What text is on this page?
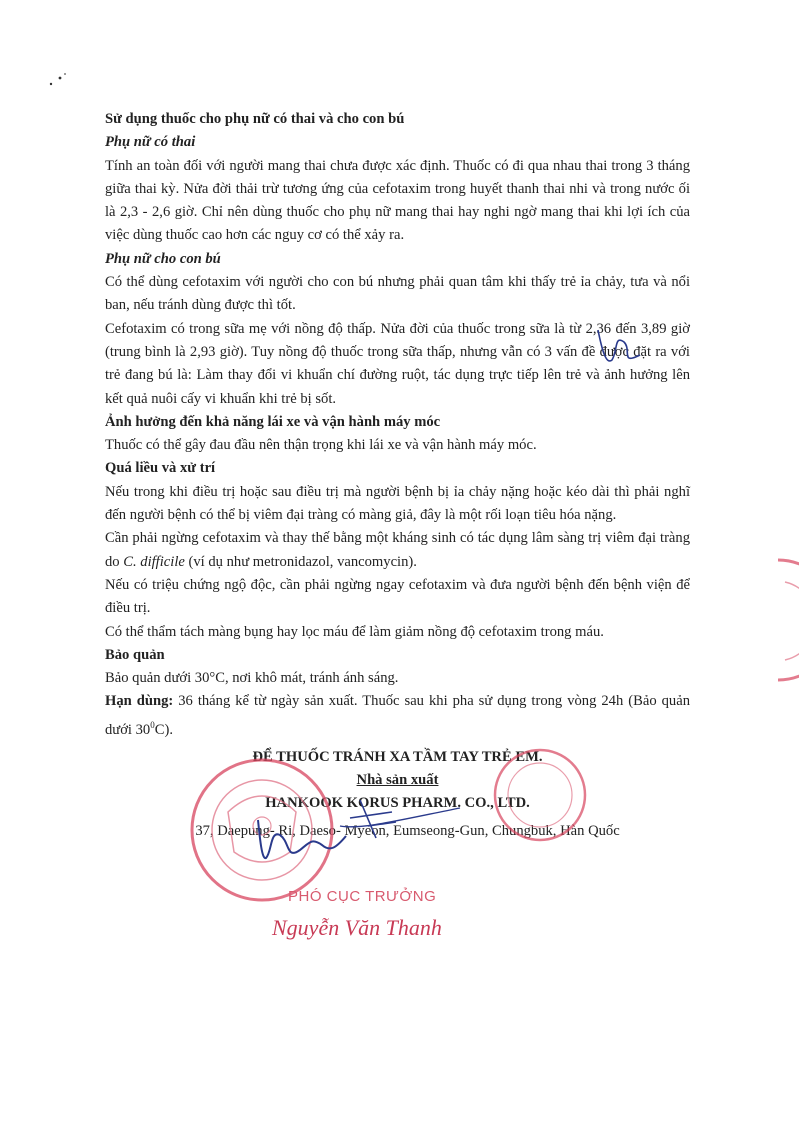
Sử dụng thuốc cho phụ nữ có thai và cho con bú

Phụ nữ có thai

Tính an toàn đối với người mang thai chưa được xác định. Thuốc có đi qua nhau thai trong 3 tháng giữa thai kỳ. Nửa đời thải trừ tương ứng của cefotaxim trong huyết thanh thai nhi và trong nước ối là 2,3 - 2,6 giờ. Chỉ nên dùng thuốc cho phụ nữ mang thai hay nghi ngờ mang thai khi lợi ích của việc dùng thuốc cao hơn các nguy cơ có thể xảy ra.

Phụ nữ cho con bú

Có thể dùng cefotaxim với người cho con bú nhưng phải quan tâm khi thấy trẻ ỉa chảy, tưa và nổi ban, nếu tránh dùng được thì tốt.

Cefotaxim có trong sữa mẹ với nồng độ thấp. Nửa đời của thuốc trong sữa là từ 2,36 đến 3,89 giờ (trung bình là 2,93 giờ). Tuy nồng độ thuốc trong sữa thấp, nhưng vẫn có 3 vấn đề được đặt ra với trẻ đang bú là: Làm thay đổi vi khuẩn chí đường ruột, tác dụng trực tiếp lên trẻ và ảnh hưởng lên kết quả nuôi cấy vi khuẩn khi trẻ bị sốt.

Ảnh hưởng đến khả năng lái xe và vận hành máy móc

Thuốc có thể gây đau đầu nên thận trọng khi lái xe và vận hành máy móc.

Quá liều và xử trí

Nếu trong khi điều trị hoặc sau điều trị mà người bệnh bị ỉa chảy nặng hoặc kéo dài thì phải nghĩ đến người bệnh có thể bị viêm đại tràng có màng giả, đây là một rối loạn tiêu hóa nặng.

Cần phải ngừng cefotaxim và thay thế bằng một kháng sinh có tác dụng lâm sàng trị viêm đại tràng do C. difficile (ví dụ như metronidazol, vancomycin).

Nếu có triệu chứng ngộ độc, cần phải ngừng ngay cefotaxim và đưa người bệnh đến bệnh viện để điều trị.

Có thể thẩm tách màng bụng hay lọc máu để làm giảm nồng độ cefotaxim trong máu.

Bảo quản

Bảo quản dưới 30°C, nơi khô mát, tránh ánh sáng.

Hạn dùng: 36 tháng kể từ ngày sản xuất. Thuốc sau khi pha sử dụng trong vòng 24h (Bảo quản dưới $30^0C$).

ĐỂ THUỐC TRÁNH XA TẦM TAY TRẺ EM.

Nhà sản xuất

HANKOOK KORUS PHARM. CO., LTD.

37, Daepung- Ri, Daeso- Myeon, Eumseong-Gun, Chungbuk, Hàn Quốc

PHÓ CỤC TRƯỞNG
Nguyễn Văn Thanh
